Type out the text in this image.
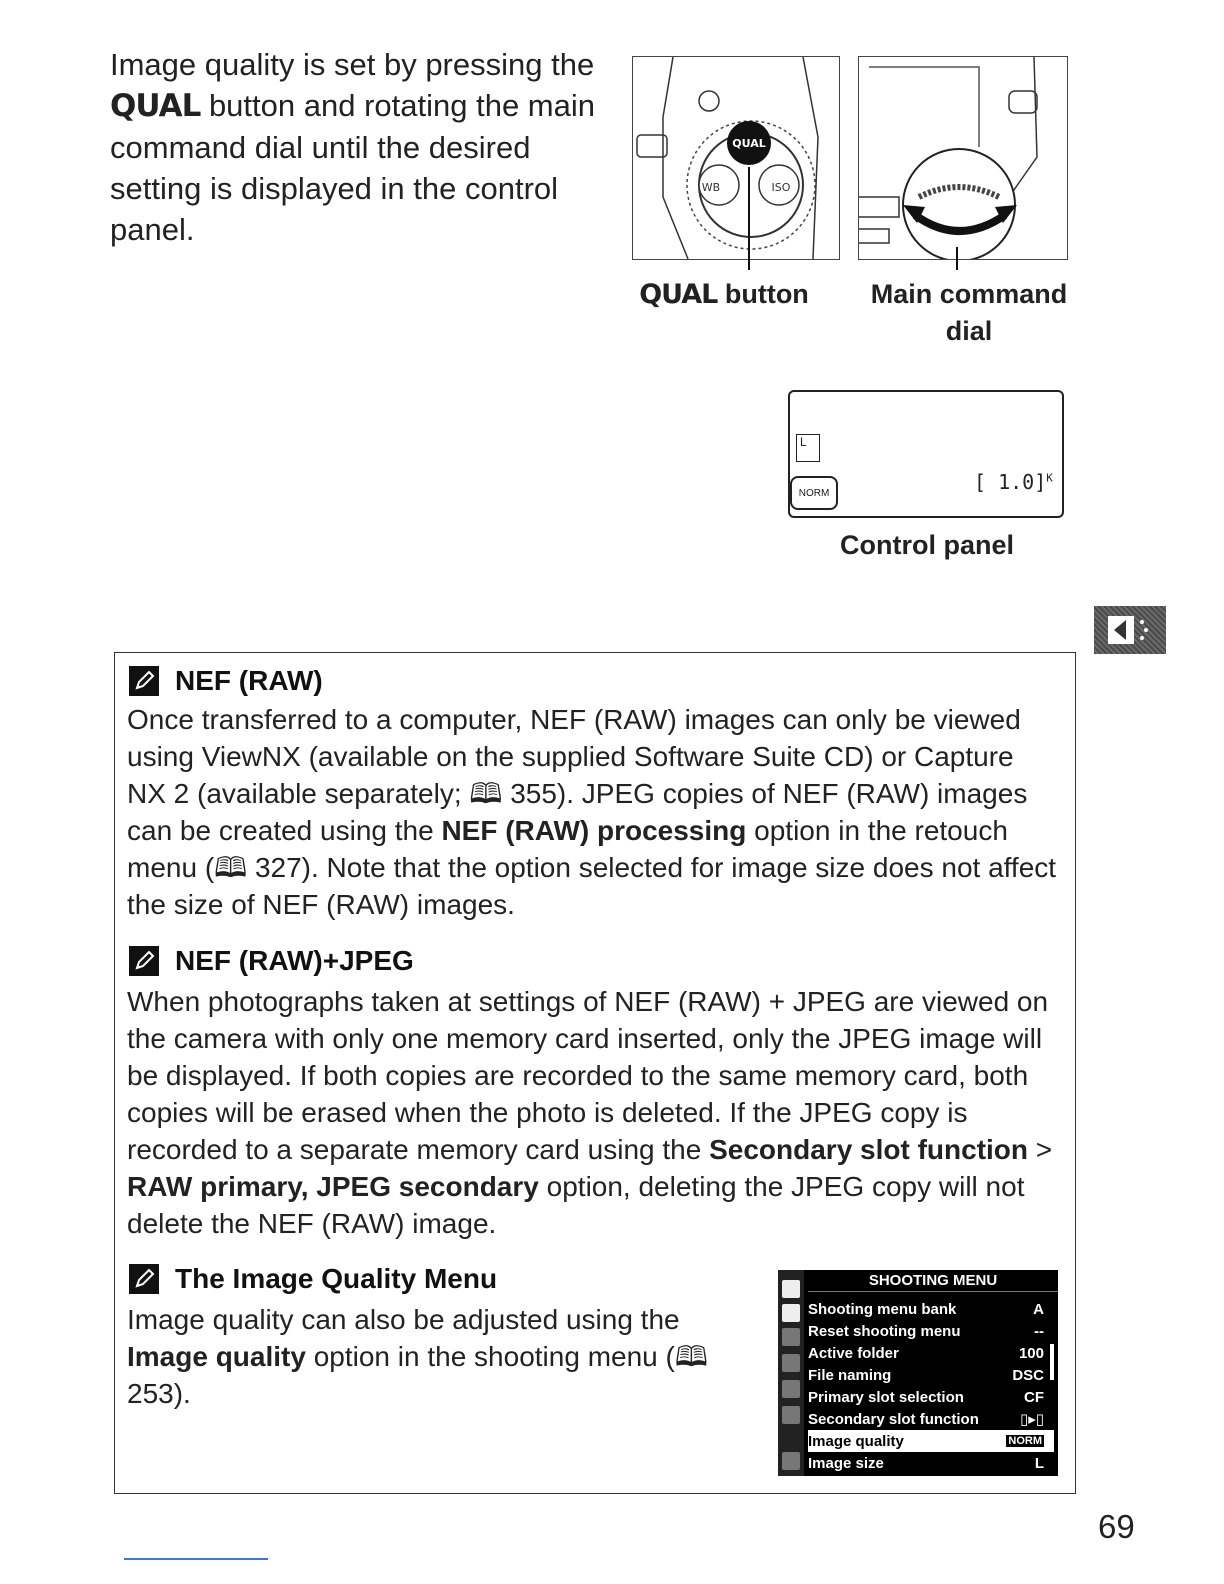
Image quality is set by pressing the QUAL button and rotating the main command dial until the desired setting is displayed in the control panel.
QUAL
WB	ISO
QUAL button	Main command
dial
L
NORM	[ 1.0]$^K$
Control panel
NEF (RAW)
Once transferred to a computer, NEF (RAW) images can only be viewed using ViewNX (available on the supplied Software Suite CD) or Capture NX 2 (available separately; 🕮 355). JPEG copies of NEF (RAW) images can be created using the NEF (RAW) processing option in the retouch menu (🕮 327). Note that the option selected for image size does not affect the size of NEF (RAW) images.
NEF (RAW)+JPEG
When photographs taken at settings of NEF (RAW) + JPEG are viewed on the camera with only one memory card inserted, only the JPEG image will be displayed. If both copies are recorded to the same memory card, both copies will be erased when the photo is deleted. If the JPEG copy is recorded to a separate memory card using the Secondary slot function > RAW primary, JPEG secondary option, deleting the JPEG copy will not delete the NEF (RAW) image.
The Image Quality Menu
Image quality can also be adjusted using the Image quality option in the shooting menu (🕮 253).
SHOOTING MENU
Shooting menu bank	A
Reset shooting menu	--
Active folder	100
File naming	DSC
Primary slot selection	CF
Secondary slot function	▯▸▯
Image quality	NORM
Image size	L
69
